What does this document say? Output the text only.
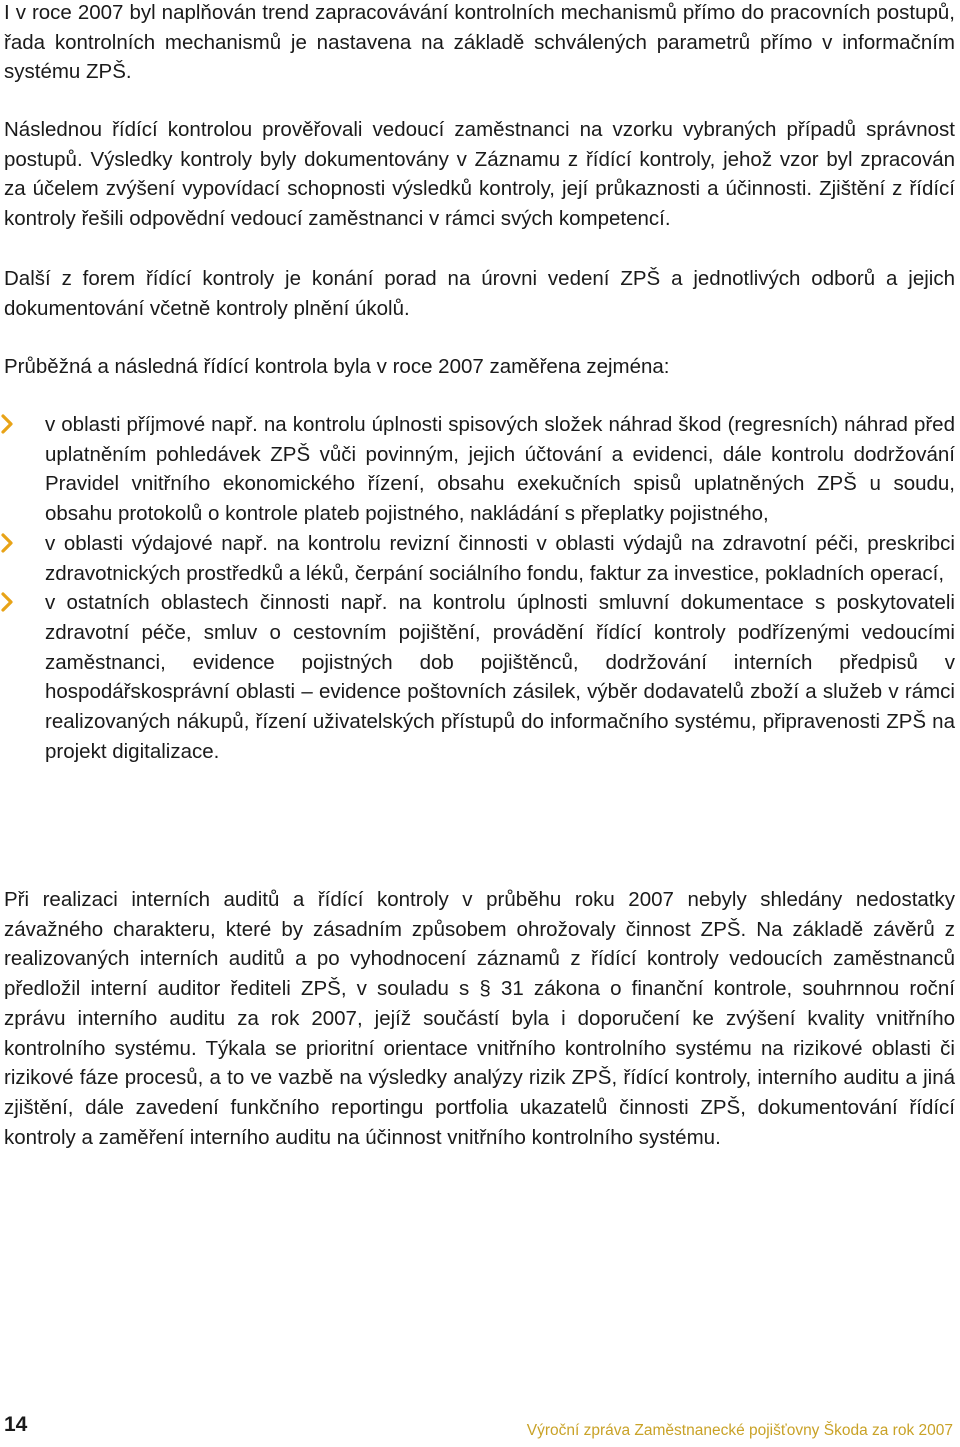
I v roce 2007 byl naplňován trend zapracovávání kontrolních mechanismů přímo do pracovních postupů, řada kontrolních mechanismů je nastavena na základě schválených parametrů přímo v informačním systému ZPŠ.

Následnou řídící kontrolou prověřovali vedoucí zaměstnanci na vzorku vybraných případů správnost postupů. Výsledky kontroly byly dokumentovány v Záznamu z řídící kontroly, jehož vzor byl zpracován za účelem zvýšení vypovídací schopnosti výsledků kontroly, její průkaznosti a účinnosti. Zjištění z řídící kontroly řešili odpovědní vedoucí zaměstnanci v rámci svých kompetencí.

Další z forem řídící kontroly je konání porad na úrovni vedení ZPŠ a jednotlivých odborů a jejich dokumentování včetně kontroly plnění úkolů.

Průběžná a následná řídící kontrola byla v roce 2007 zaměřena zejména:

v oblasti příjmové např. na kontrolu úplnosti spisových složek náhrad škod (regresních) náhrad před uplatněním pohledávek ZPŠ vůči povinným, jejich účtování a evidenci, dále kontrolu dodržování Pravidel vnitřního ekonomického řízení, obsahu exekučních spisů uplatněných ZPŠ u soudu, obsahu protokolů o kontrole plateb pojistného, nakládání s přeplatky pojistného,

v oblasti výdajové např. na kontrolu revizní činnosti v oblasti výdajů na zdravotní péči, preskribci zdravotnických prostředků a léků, čerpání sociálního fondu, faktur za investice, pokladních operací,

v ostatních oblastech činnosti např. na kontrolu úplnosti smluvní dokumentace s poskytovateli zdravotní péče, smluv o cestovním pojištění, provádění řídící kontroly podřízenými vedoucími zaměstnanci, evidence pojistných dob pojištěnců, dodržování interních předpisů v hospodářskosprávní oblasti – evidence poštovních zásilek, výběr dodavatelů zboží a služeb v rámci realizovaných nákupů, řízení uživatelských přístupů do informačního systému, připravenosti ZPŠ na projekt digitalizace.

Při realizaci interních auditů a řídící kontroly v průběhu roku 2007 nebyly shledány nedostatky závažného charakteru, které by zásadním způsobem ohrožovaly činnost ZPŠ. Na základě závěrů z realizovaných interních auditů a po vyhodnocení záznamů z řídící kontroly vedoucích zaměstnanců předložil interní auditor řediteli ZPŠ, v souladu s § 31 zákona o finanční kontrole, souhrnnou roční zprávu interního auditu za rok 2007, jejíž součástí byla i doporučení ke zvýšení kvality vnitřního kontrolního systému. Týkala se prioritní orientace vnitřního kontrolního systému na rizikové oblasti či rizikové fáze procesů, a to ve vazbě na výsledky analýzy rizik ZPŠ, řídící kontroly, interního auditu a jiná zjištění, dále zavedení funkčního reportingu portfolia ukazatelů činnosti ZPŠ, dokumentování řídící kontroly a zaměření interního auditu na účinnost vnitřního kontrolního systému.

14	Výroční zpráva Zaměstnanecké pojišťovny Škoda za rok 2007
